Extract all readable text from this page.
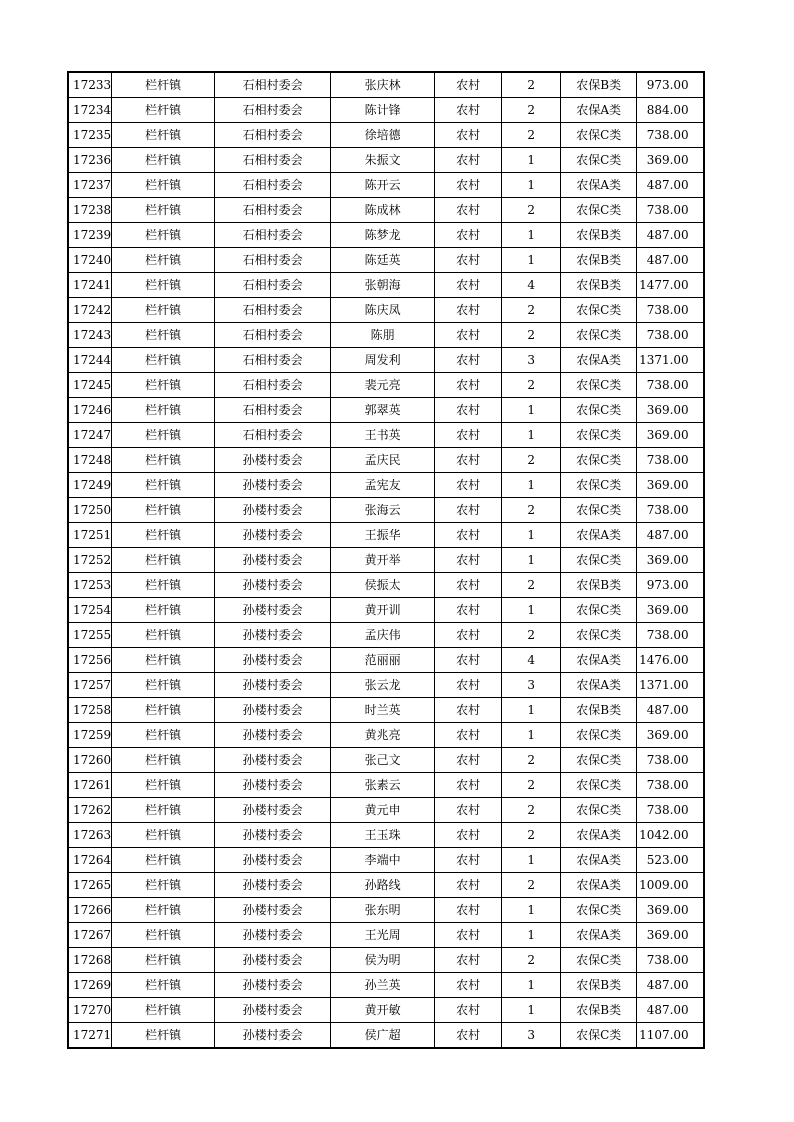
17233	栏杆镇	石相村委会	张庆林	农村	2	农保B类	973.00
17234	栏杆镇	石相村委会	陈计锋	农村	2	农保A类	884.00
17235	栏杆镇	石相村委会	徐培德	农村	2	农保C类	738.00
17236	栏杆镇	石相村委会	朱振文	农村	1	农保C类	369.00
17237	栏杆镇	石相村委会	陈开云	农村	1	农保A类	487.00
17238	栏杆镇	石相村委会	陈成林	农村	2	农保C类	738.00
17239	栏杆镇	石相村委会	陈梦龙	农村	1	农保B类	487.00
17240	栏杆镇	石相村委会	陈廷英	农村	1	农保B类	487.00
17241	栏杆镇	石相村委会	张朝海	农村	4	农保B类	1477.00
17242	栏杆镇	石相村委会	陈庆凤	农村	2	农保C类	738.00
17243	栏杆镇	石相村委会	陈朋	农村	2	农保C类	738.00
17244	栏杆镇	石相村委会	周发利	农村	3	农保A类	1371.00
17245	栏杆镇	石相村委会	裴元亮	农村	2	农保C类	738.00
17246	栏杆镇	石相村委会	郭翠英	农村	1	农保C类	369.00
17247	栏杆镇	石相村委会	王书英	农村	1	农保C类	369.00
17248	栏杆镇	孙楼村委会	孟庆民	农村	2	农保C类	738.00
17249	栏杆镇	孙楼村委会	孟宪友	农村	1	农保C类	369.00
17250	栏杆镇	孙楼村委会	张海云	农村	2	农保C类	738.00
17251	栏杆镇	孙楼村委会	王振华	农村	1	农保A类	487.00
17252	栏杆镇	孙楼村委会	黄开举	农村	1	农保C类	369.00
17253	栏杆镇	孙楼村委会	侯振太	农村	2	农保B类	973.00
17254	栏杆镇	孙楼村委会	黄开训	农村	1	农保C类	369.00
17255	栏杆镇	孙楼村委会	孟庆伟	农村	2	农保C类	738.00
17256	栏杆镇	孙楼村委会	范丽丽	农村	4	农保A类	1476.00
17257	栏杆镇	孙楼村委会	张云龙	农村	3	农保A类	1371.00
17258	栏杆镇	孙楼村委会	时兰英	农村	1	农保B类	487.00
17259	栏杆镇	孙楼村委会	黄兆亮	农村	1	农保C类	369.00
17260	栏杆镇	孙楼村委会	张己文	农村	2	农保C类	738.00
17261	栏杆镇	孙楼村委会	张素云	农村	2	农保C类	738.00
17262	栏杆镇	孙楼村委会	黄元申	农村	2	农保C类	738.00
17263	栏杆镇	孙楼村委会	王玉珠	农村	2	农保A类	1042.00
17264	栏杆镇	孙楼村委会	李端中	农村	1	农保A类	523.00
17265	栏杆镇	孙楼村委会	孙路线	农村	2	农保A类	1009.00
17266	栏杆镇	孙楼村委会	张东明	农村	1	农保C类	369.00
17267	栏杆镇	孙楼村委会	王光周	农村	1	农保A类	369.00
17268	栏杆镇	孙楼村委会	侯为明	农村	2	农保C类	738.00
17269	栏杆镇	孙楼村委会	孙兰英	农村	1	农保B类	487.00
17270	栏杆镇	孙楼村委会	黄开敏	农村	1	农保B类	487.00
17271	栏杆镇	孙楼村委会	侯广超	农村	3	农保C类	1107.00
